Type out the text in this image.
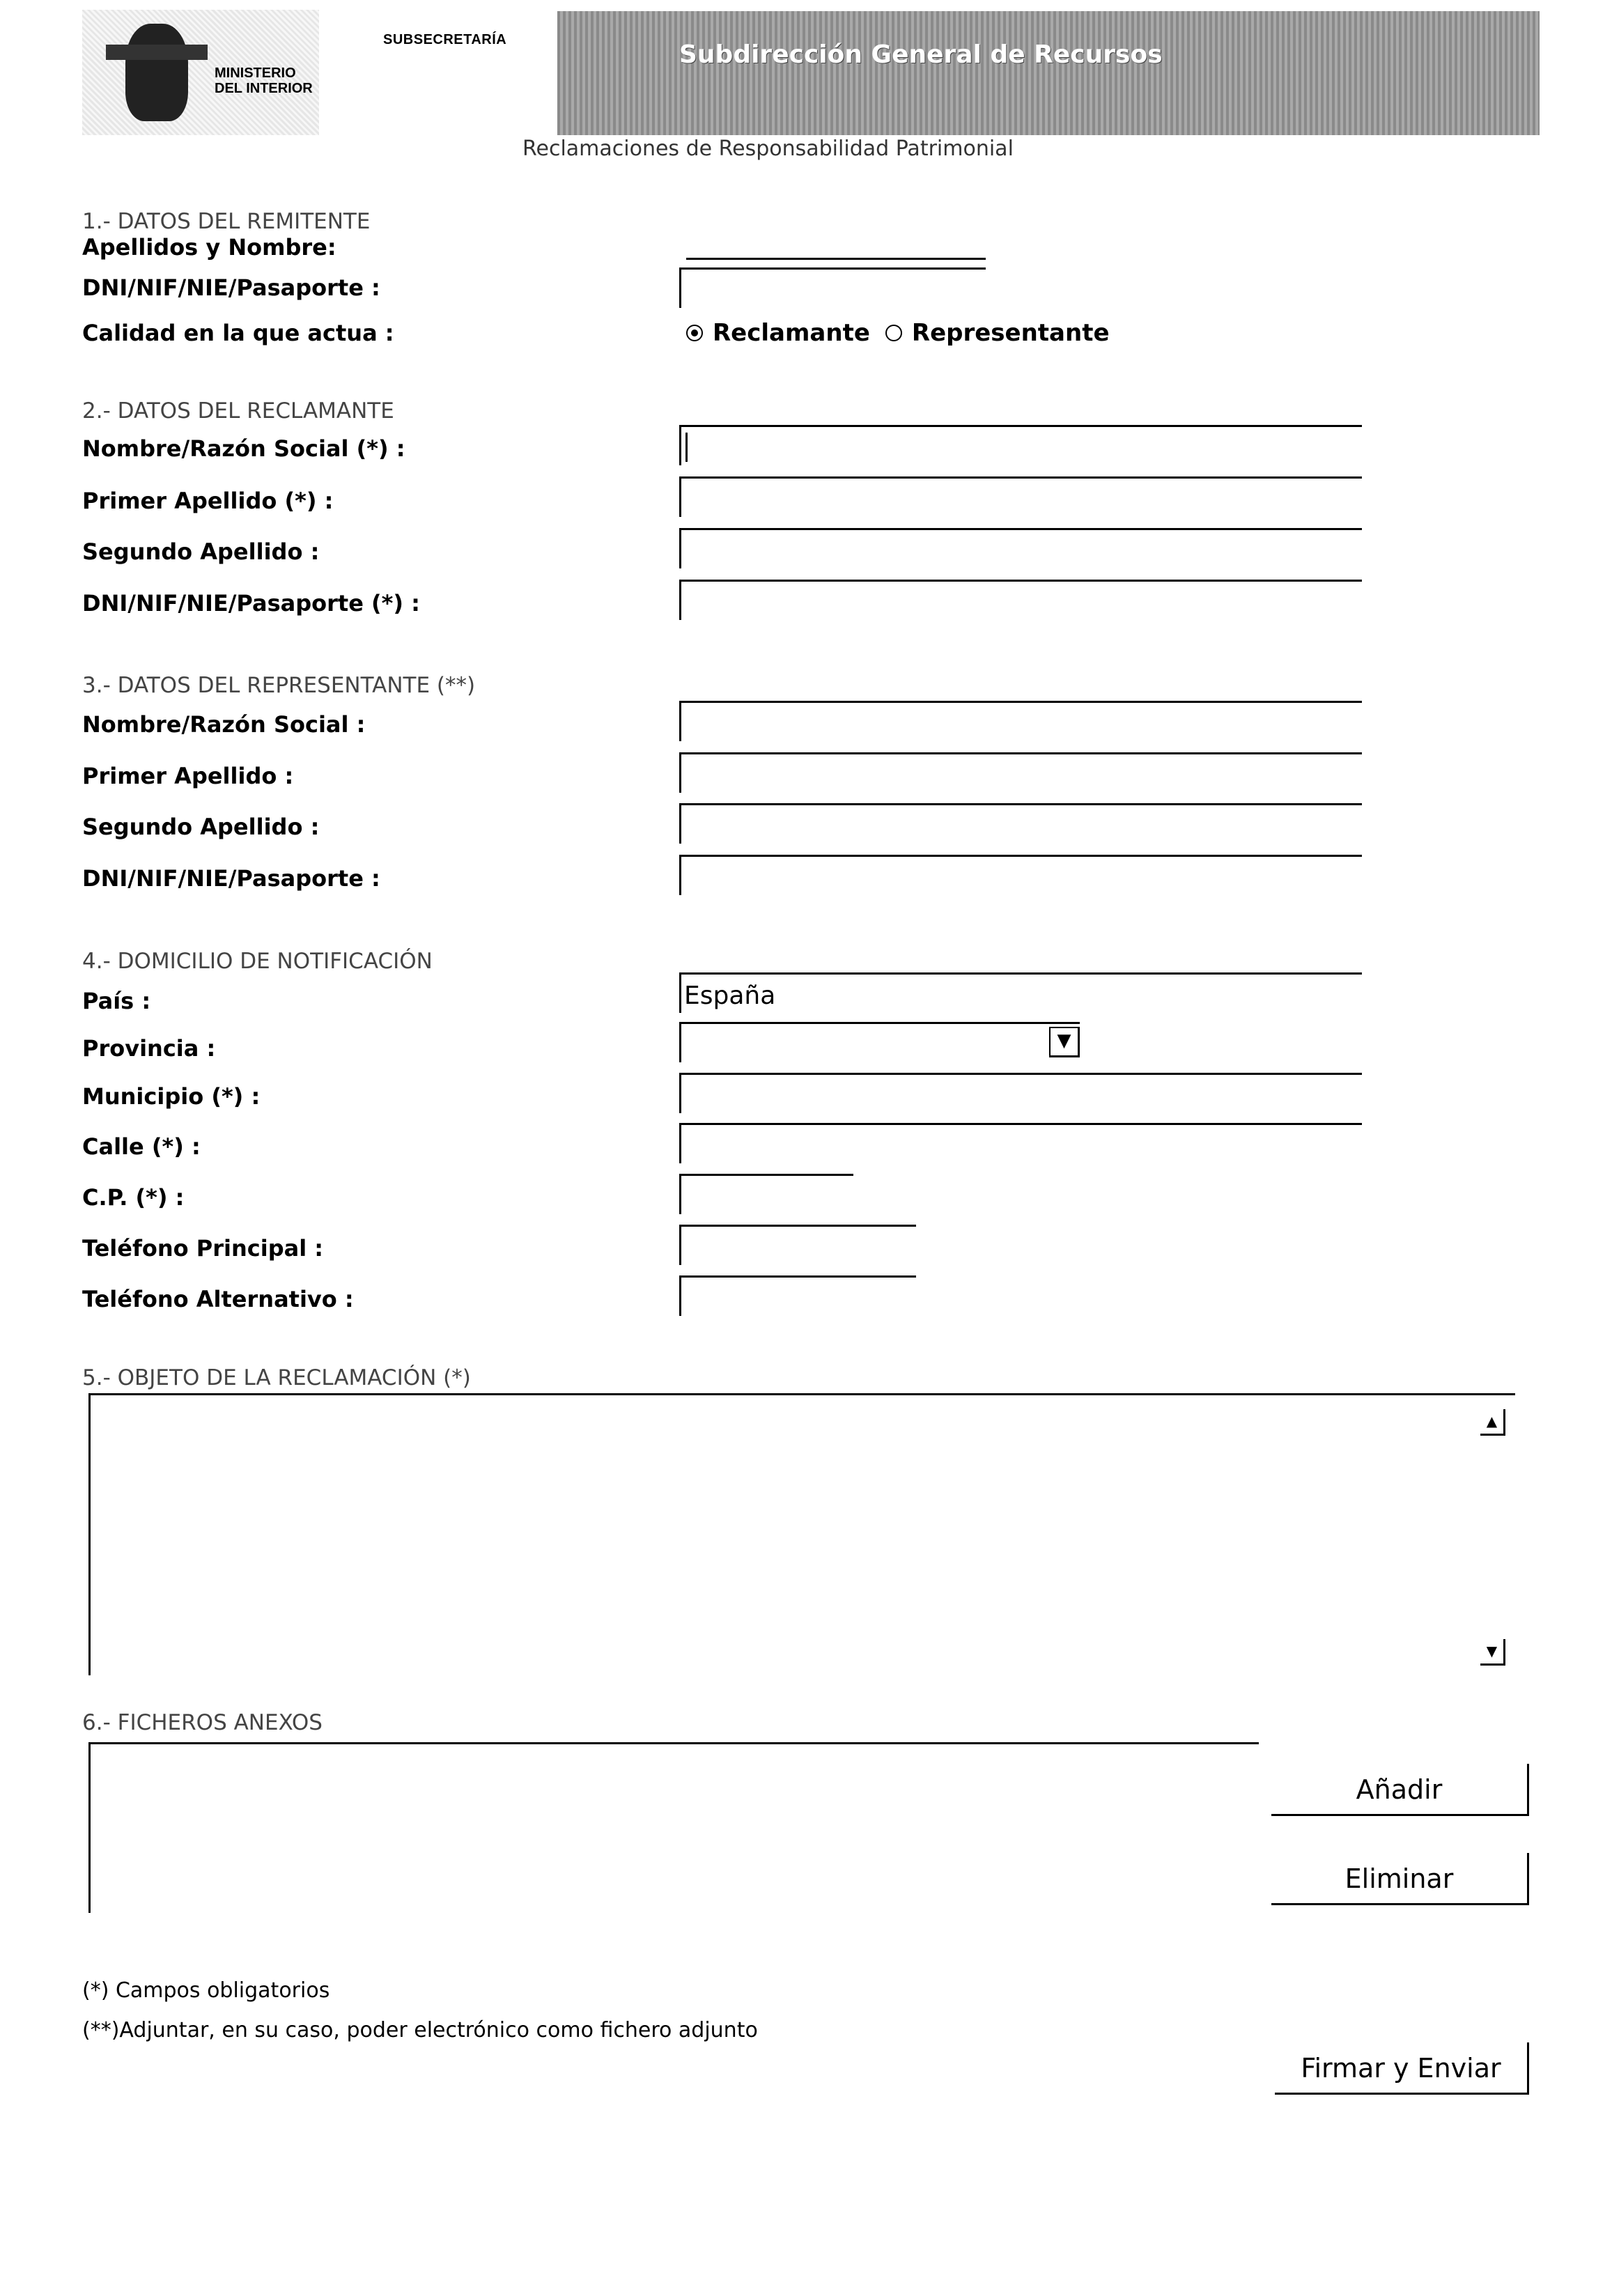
MINISTERIO DEL INTERIOR
SUBSECRETARÍA
Subdirección General de Recursos
Reclamaciones de Responsabilidad Patrimonial
1.- DATOS DEL REMITENTE
Apellidos y Nombre:
DNI/NIF/NIE/Pasaporte :
Calidad en la que actua :	Reclamante Representante
2.- DATOS DEL RECLAMANTE
Nombre/Razón Social (*) :
Primer Apellido (*) :
Segundo Apellido :
DNI/NIF/NIE/Pasaporte (*) :
3.- DATOS DEL REPRESENTANTE (**)
Nombre/Razón Social :
Primer Apellido :
Segundo Apellido :
DNI/NIF/NIE/Pasaporte :
4.- DOMICILIO DE NOTIFICACIÓN
País :	España
Provincia :	▼
Municipio (*) :
Calle (*) :
C.P. (*) :
Teléfono Principal :
Teléfono Alternativo :
5.- OBJETO DE LA RECLAMACIÓN (*)
▲
▼
6.- FICHEROS ANEXOS
Añadir
Eliminar
(*) Campos obligatorios
(**)Adjuntar, en su caso, poder electrónico como fichero adjunto
Firmar y Enviar
